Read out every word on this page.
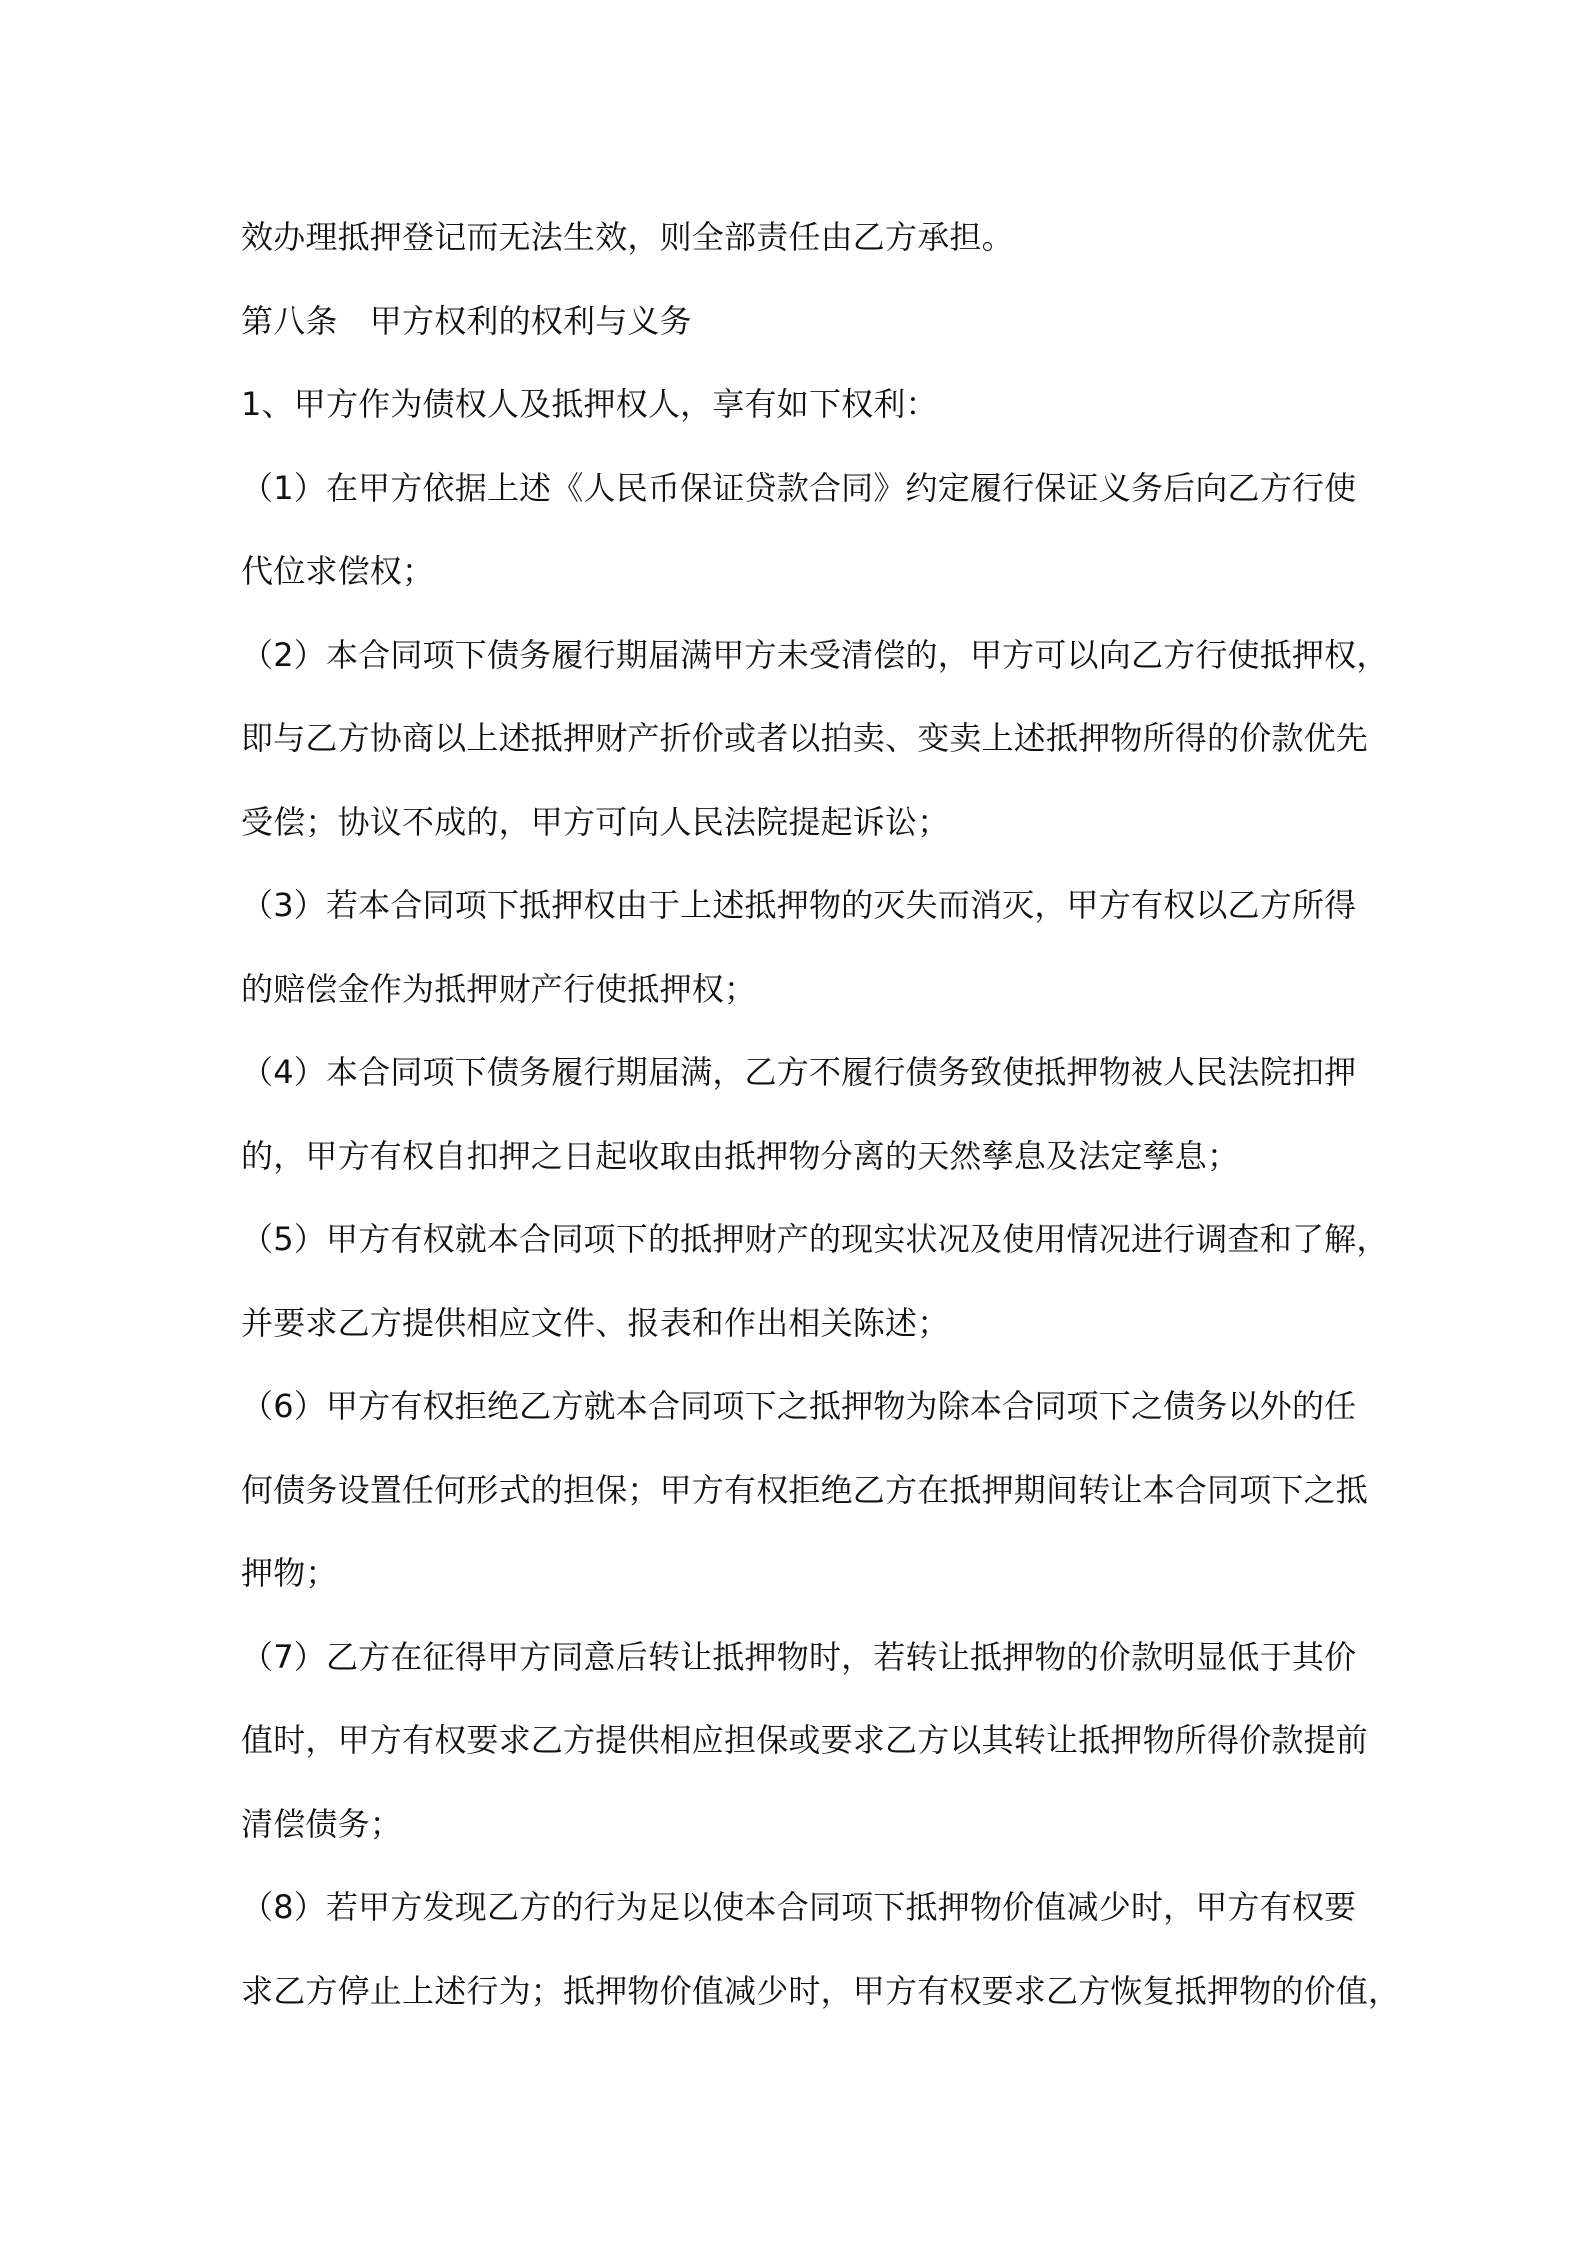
效办理抵押登记而无法生效，则全部责任由乙方承担。
第八条　甲方权利的权利与义务
1、甲方作为债权人及抵押权人，享有如下权利：
（1）在甲方依据上述《人民币保证贷款合同》约定履行保证义务后向乙方行使
代位求偿权；
（2）本合同项下债务履行期届满甲方未受清偿的，甲方可以向乙方行使抵押权，
即与乙方协商以上述抵押财产折价或者以拍卖、变卖上述抵押物所得的价款优先
受偿；协议不成的，甲方可向人民法院提起诉讼；
（3）若本合同项下抵押权由于上述抵押物的灭失而消灭，甲方有权以乙方所得
的赔偿金作为抵押财产行使抵押权；
（4）本合同项下债务履行期届满，乙方不履行债务致使抵押物被人民法院扣押
的，甲方有权自扣押之日起收取由抵押物分离的天然孳息及法定孳息；
（5）甲方有权就本合同项下的抵押财产的现实状况及使用情况进行调查和了解，
并要求乙方提供相应文件、报表和作出相关陈述；
（6）甲方有权拒绝乙方就本合同项下之抵押物为除本合同项下之债务以外的任
何债务设置任何形式的担保；甲方有权拒绝乙方在抵押期间转让本合同项下之抵
押物；
（7）乙方在征得甲方同意后转让抵押物时，若转让抵押物的价款明显低于其价
值时，甲方有权要求乙方提供相应担保或要求乙方以其转让抵押物所得价款提前
清偿债务；
（8）若甲方发现乙方的行为足以使本合同项下抵押物价值减少时，甲方有权要
求乙方停止上述行为；抵押物价值减少时，甲方有权要求乙方恢复抵押物的价值，
